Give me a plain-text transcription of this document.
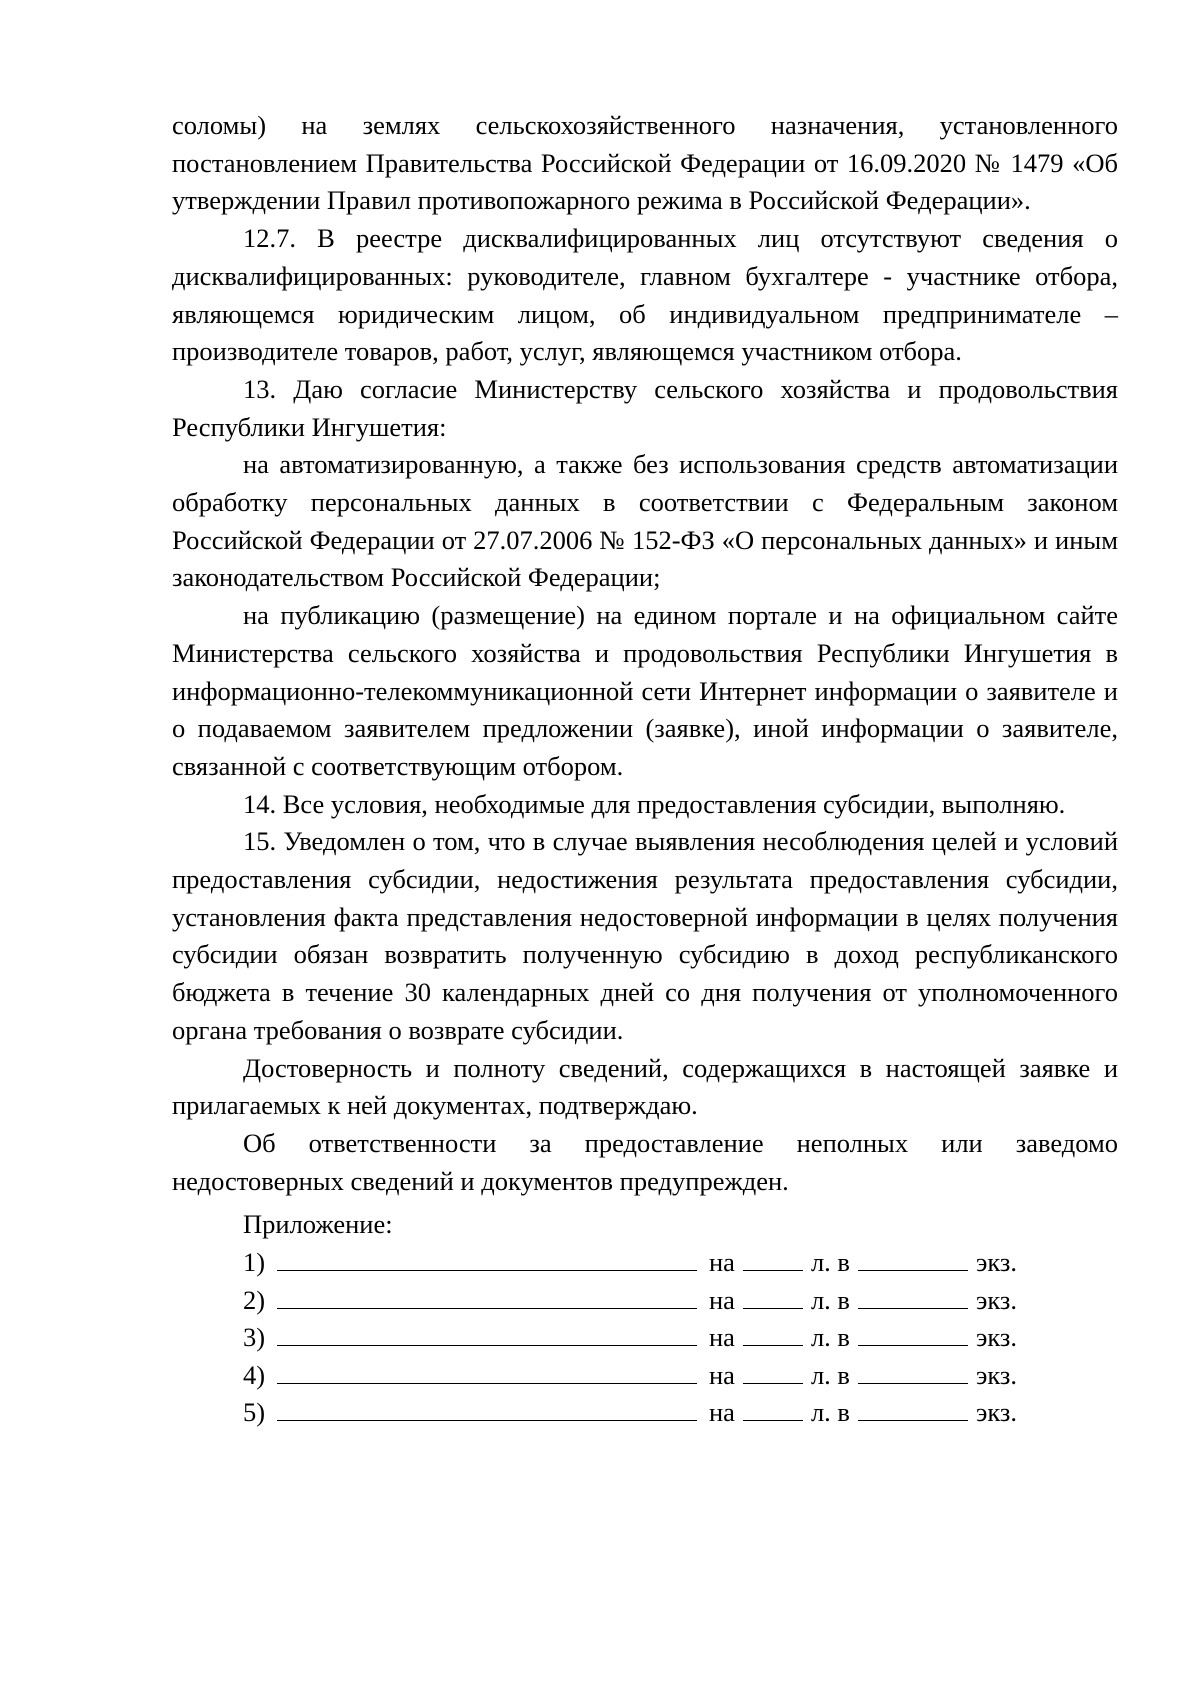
соломы) на землях сельскохозяйственного назначения, установленного постановлением Правительства Российской Федерации от 16.09.2020 № 1479 «Об утверждении Правил противопожарного режима в Российской Федерации».

12.7. В реестре дисквалифицированных лиц отсутствуют сведения о дисквалифицированных: руководителе, главном бухгалтере - участнике отбора, являющемся юридическим лицом, об индивидуальном предпринимателе – производителе товаров, работ, услуг, являющемся участником отбора.

13. Даю согласие Министерству сельского хозяйства и продовольствия Республики Ингушетия:

на автоматизированную, а также без использования средств автоматизации обработку персональных данных в соответствии с Федеральным законом Российской Федерации от 27.07.2006 № 152-ФЗ «О персональных данных» и иным законодательством Российской Федерации;

на публикацию (размещение) на едином портале и на официальном сайте Министерства сельского хозяйства и продовольствия Республики Ингушетия в информационно-телекоммуникационной сети Интернет информации о заявителе и о подаваемом заявителем предложении (заявке), иной информации о заявителе, связанной с соответствующим отбором.

14. Все условия, необходимые для предоставления субсидии, выполняю.

15. Уведомлен о том, что в случае выявления несоблюдения целей и условий предоставления субсидии, недостижения результата предоставления субсидии, установления факта представления недостоверной информации в целях получения субсидии обязан возвратить полученную субсидию в доход республиканского бюджета в течение 30 календарных дней со дня получения от уполномоченного органа требования о возврате субсидии.

Достоверность и полноту сведений, содержащихся в настоящей заявке и прилагаемых к ней документах, подтверждаю.

Об ответственности за предоставление неполных или заведомо недостоверных сведений и документов предупрежден.

Приложение:
1)	на	л. в	экз.
2)	на	л. в	экз.
3)	на	л. в	экз.
4)	на	л. в	экз.
5)	на	л. в	экз.
